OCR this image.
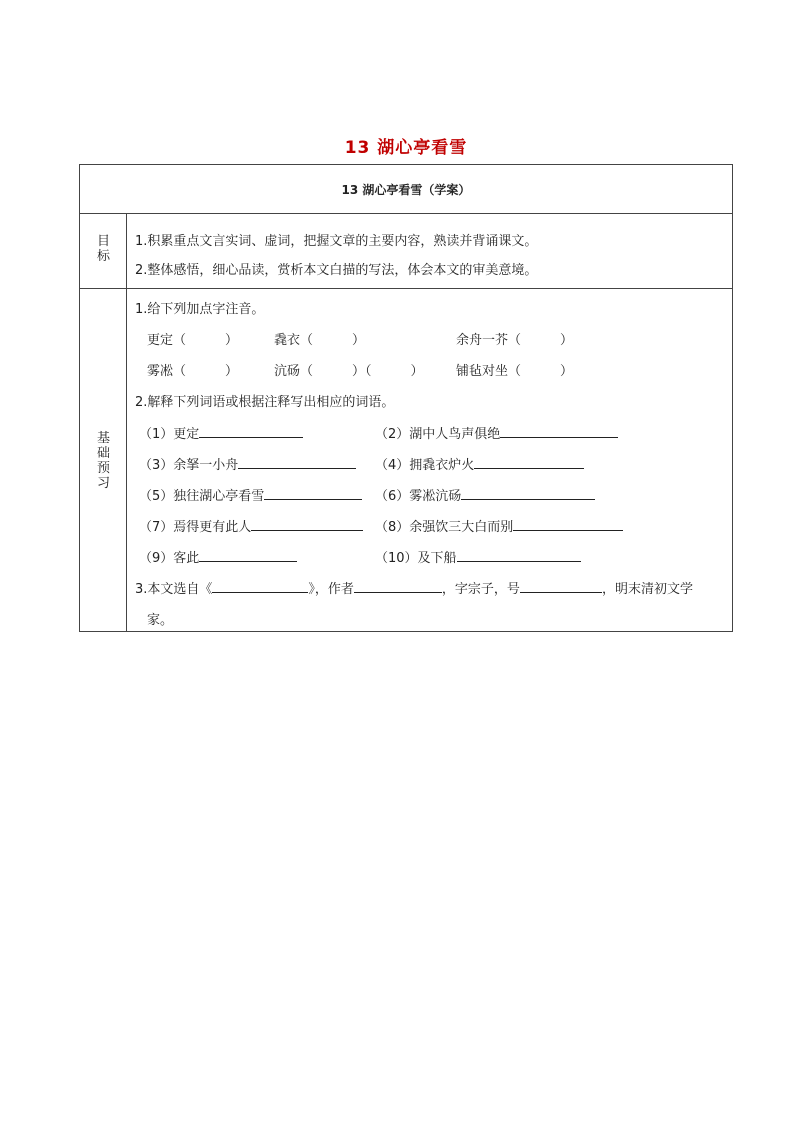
13 湖心亭看雪
13 湖心亭看雪（学案）
目
标
1.积累重点文言实词、虚词，把握文章的主要内容，熟读并背诵课文。
2.整体感悟，细心品读，赏析本文白描的写法，体会本文的审美意境。
基
础
预
习
1.给下列加点字注音。
更定（　　　）	毳衣（　　　）	余舟一芥（　　　）
雾凇（　　　）	沆砀（　　　）（　　　） 铺毡对坐（　　　）
2.解释下列词语或根据注释写出相应的词语。
（1）更定	（2）湖中人鸟声俱绝
（3）余拏一小舟	（4）拥毳衣炉火
（5）独往湖心亭看雪	（6）雾凇沆砀
（7）焉得更有此人	（8）余强饮三大白而别
（9）客此	（10）及下船
3.本文选自《	》，作者	，字宗子，号	，明末清初文学
家。
